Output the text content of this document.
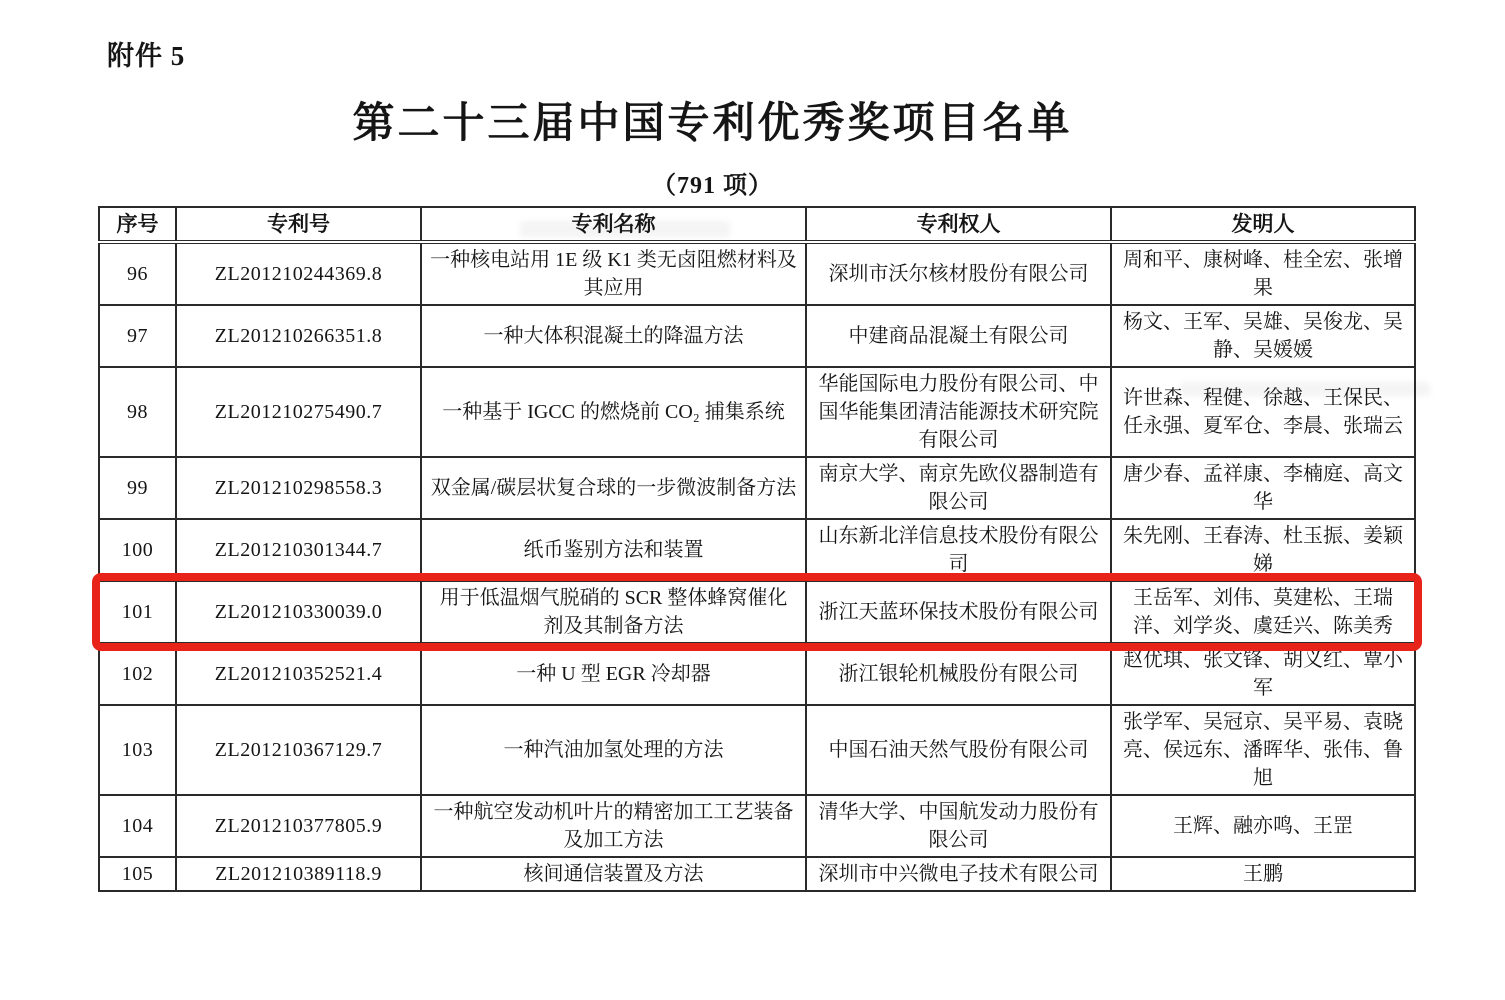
附件 5
第二十三届中国专利优秀奖项目名单
（791 项）
序号	专利号	专利名称	专利权人	发明人
96	ZL201210244369.8	一种核电站用 1E 级 K1 类无卤阻燃材料及其应用	深圳市沃尔核材股份有限公司	周和平、康树峰、桂全宏、张增果
97	ZL201210266351.8	一种大体积混凝土的降温方法	中建商品混凝土有限公司	杨文、王军、吴雄、吴俊龙、吴静、吴媛媛
98	ZL201210275490.7	一种基于 IGCC 的燃烧前 CO₂ 捕集系统	华能国际电力股份有限公司、中国华能集团清洁能源技术研究院有限公司	许世森、程健、徐越、王保民、任永强、夏军仓、李晨、张瑞云
99	ZL201210298558.3	双金属/碳层状复合球的一步微波制备方法	南京大学、南京先欧仪器制造有限公司	唐少春、孟祥康、李楠庭、高文华
100	ZL201210301344.7	纸币鉴别方法和装置	山东新北洋信息技术股份有限公司	朱先刚、王春涛、杜玉振、姜颖娣
101	ZL201210330039.0	用于低温烟气脱硝的 SCR 整体蜂窝催化剂及其制备方法	浙江天蓝环保技术股份有限公司	王岳军、刘伟、莫建松、王瑞洋、刘学炎、虞廷兴、陈美秀
102	ZL201210352521.4	一种 U 型 EGR 冷却器	浙江银轮机械股份有限公司	赵优琪、张文锋、胡义红、覃小军
103	ZL201210367129.7	一种汽油加氢处理的方法	中国石油天然气股份有限公司	张学军、吴冠京、吴平易、袁晓亮、侯远东、潘晖华、张伟、鲁旭
104	ZL201210377805.9	一种航空发动机叶片的精密加工工艺装备及加工方法	清华大学、中国航发动力股份有限公司	王辉、融亦鸣、王罡
105	ZL201210389118.9	核间通信装置及方法	深圳市中兴微电子技术有限公司	王鹏
